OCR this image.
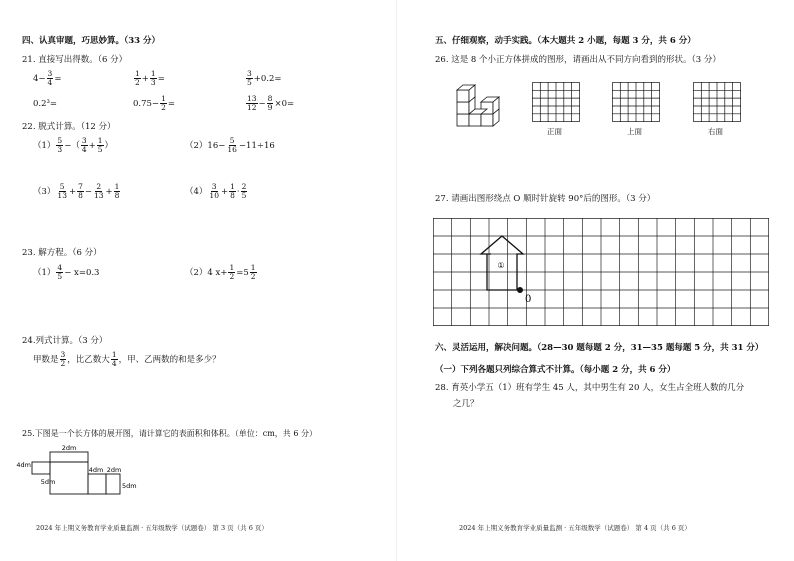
四、认真审题，巧思妙算。（33 分）
21. 直接写出得数。（6 分）
$4- \frac{3}{4}$ =	$\frac{1}{2} + \frac{1}{3}$ =	$\frac{3}{5} +0.2=$
0.2³=	$0.75- \frac{1}{2}$ =	$\frac{13}{12} - \frac{8}{9} \times 0=$
22. 脱式计算。（12 分）
$(1) \frac{5}{3}$ −（ $\frac{3}{4} + \frac{1}{5}$ ）	$(2)16- \frac{5}{16} -11\div 16$
$(3) \frac{5}{13} + \frac{7}{8} - \frac{2}{13} + \frac{1}{8}$	$(4) \frac{3}{10} + \frac{1}{8} \cdot \frac{2}{5}$
23. 解方程。（6 分）
$(1) \frac{4}{5} - x=0.3$	（2）4 $x+ \frac{1}{2} =5 \frac{1}{2}$
24.列式计算。（3 分）
甲数是 $\frac{3}{2}$ ，比乙数大 $\frac{1}{4}$ ，甲、乙两数的和是多少？
25.下图是一个长方体的展开图，请计算它的表面积和体积。（单位：cm，共 6 分）
2dm
4dm
5dm
4dm 2dm
5dm
2024 年上期义务教育学业质量监测 · 五年级数学（试题卷） 第 3 页（共 6 页）
五、仔细观察，动手实践。（本大题共 2 小题，每题 3 分，共 6 分）
26. 这是 8 个小正方体拼成的图形，请画出从不同方向看到的形状。（3 分）
正面	上面	右面
27. 请画出图形绕点 O 顺时针旋转 90°后的图形。（3 分）
①
0
六、灵活运用，解决问题。（28—30 题每题 2 分，31—35 题每题 5 分，共 31 分）
（一）下列各题只列综合算式不计算。（每小题 2 分，共 6 分）
28. 育英小学五（1）班有学生 45 人，其中男生有 20 人，女生占全班人数的几分
之几？
2024 年上期义务教育学业质量监测 · 五年级数学（试题卷） 第 4 页（共 6 页）
